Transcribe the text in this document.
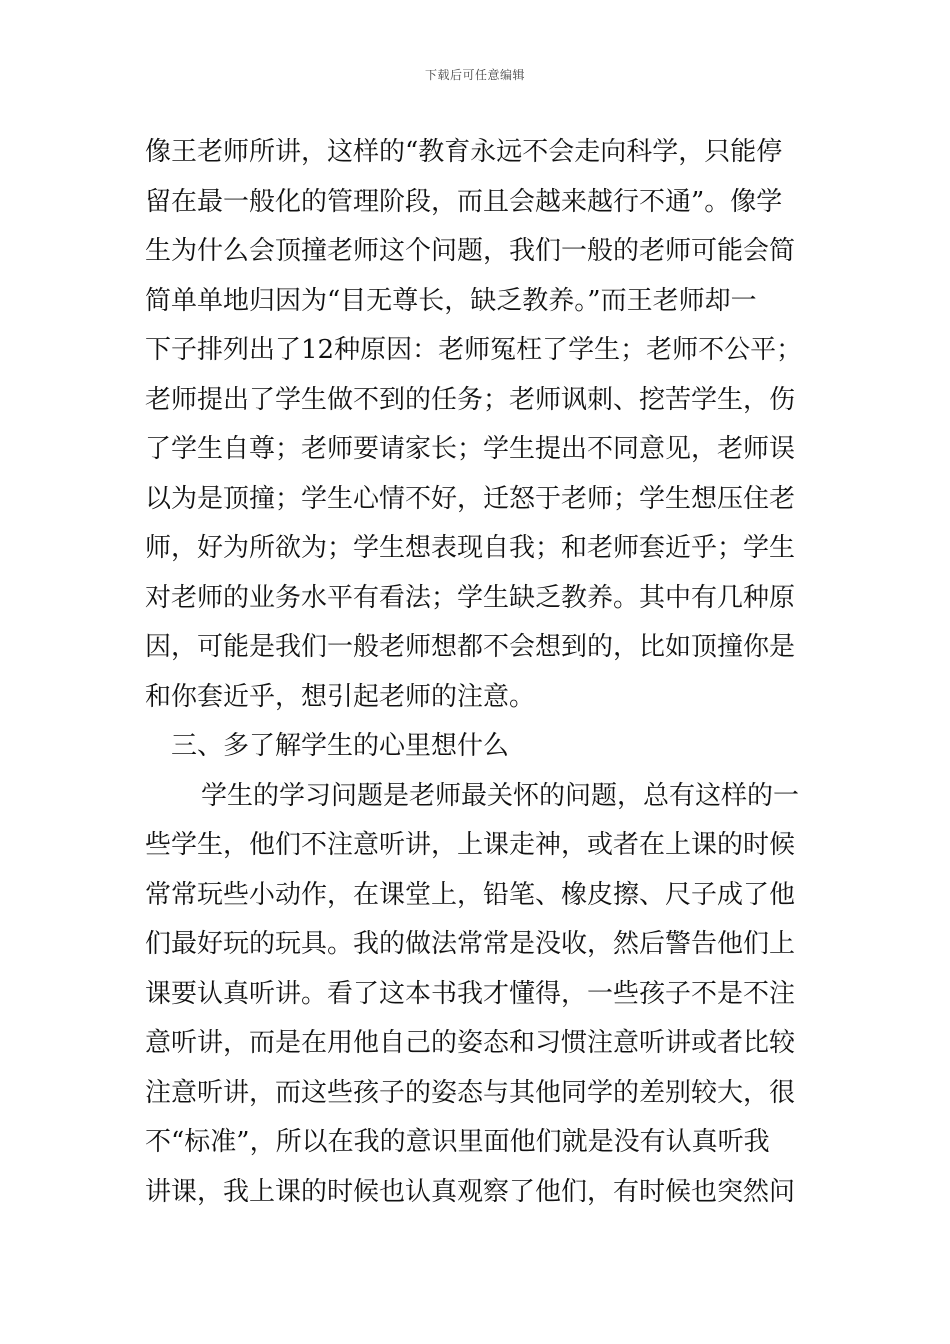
下载后可任意编辑
像王老师所讲，这样的“教育永远不会走向科学，只能停
留在最一般化的管理阶段，而且会越来越行不通”。像学
生为什么会顶撞老师这个问题，我们一般的老师可能会简
简单单地归因为“目无尊长，缺乏教养。”而王老师却一
下子排列出了12种原因：老师冤枉了学生；老师不公平；
老师提出了学生做不到的任务；老师讽刺、挖苦学生，伤
了学生自尊；老师要请家长；学生提出不同意见，老师误
以为是顶撞；学生心情不好，迁怒于老师；学生想压住老
师，好为所欲为；学生想表现自我；和老师套近乎；学生
对老师的业务水平有看法；学生缺乏教养。其中有几种原
因，可能是我们一般老师想都不会想到的，比如顶撞你是
和你套近乎，想引起老师的注意。
三、多了解学生的心里想什么
学生的学习问题是老师最关怀的问题，总有这样的一
些学生，他们不注意听讲，上课走神，或者在上课的时候
常常玩些小动作，在课堂上，铅笔、橡皮擦、尺子成了他
们最好玩的玩具。我的做法常常是没收，然后警告他们上
课要认真听讲。看了这本书我才懂得，一些孩子不是不注
意听讲，而是在用他自己的姿态和习惯注意听讲或者比较
注意听讲，而这些孩子的姿态与其他同学的差别较大，很
不“标准”，所以在我的意识里面他们就是没有认真听我
讲课，我上课的时候也认真观察了他们，有时候也突然问
